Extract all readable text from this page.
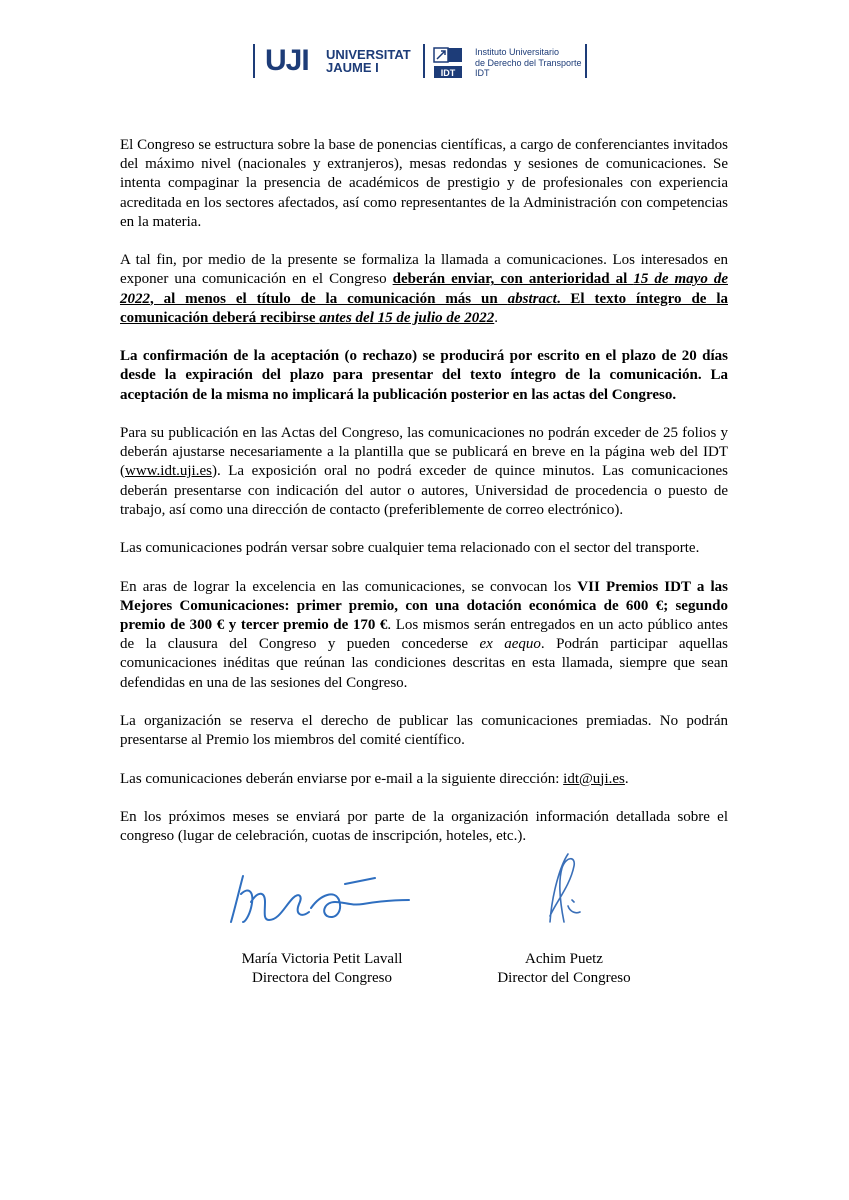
UJI UNIVERSITAT
JAUME I	IDT
Instituto Universitario
de Derecho del Transporte
IDT

El Congreso se estructura sobre la base de ponencias científicas, a cargo de conferenciantes invitados del máximo nivel (nacionales y extranjeros), mesas redondas y sesiones de comunicaciones. Se intenta compaginar la presencia de académicos de prestigio y de profesionales con experiencia acreditada en los sectores afectados, así como representantes de la Administración con competencias en la materia.

A tal fin, por medio de la presente se formaliza la llamada a comunicaciones. Los interesados en exponer una comunicación en el Congreso deberán enviar, con anterioridad al 15 de mayo de 2022, al menos el título de la comunicación más un abstract. El texto íntegro de la comunicación deberá recibirse antes del 15 de julio de 2022.

La confirmación de la aceptación (o rechazo) se producirá por escrito en el plazo de 20 días desde la expiración del plazo para presentar del texto íntegro de la comunicación. La aceptación de la misma no implicará la publicación posterior en las actas del Congreso.

Para su publicación en las Actas del Congreso, las comunicaciones no podrán exceder de 25 folios y deberán ajustarse necesariamente a la plantilla que se publicará en breve en la página web del IDT (www.idt.uji.es). La exposición oral no podrá exceder de quince minutos. Las comunicaciones deberán presentarse con indicación del autor o autores, Universidad de procedencia o puesto de trabajo, así como una dirección de contacto (preferiblemente de correo electrónico).

Las comunicaciones podrán versar sobre cualquier tema relacionado con el sector del transporte.

En aras de lograr la excelencia en las comunicaciones, se convocan los VII Premios IDT a las Mejores Comunicaciones: primer premio, con una dotación económica de 600 €; segundo premio de 300 € y tercer premio de 170 €. Los mismos serán entregados en un acto público antes de la clausura del Congreso y pueden concederse ex aequo. Podrán participar aquellas comunicaciones inéditas que reúnan las condiciones descritas en esta llamada, siempre que sean defendidas en una de las sesiones del Congreso.

La organización se reserva el derecho de publicar las comunicaciones premiadas. No podrán presentarse al Premio los miembros del comité científico.

Las comunicaciones deberán enviarse por e-mail a la siguiente dirección: idt@uji.es.

En los próximos meses se enviará por parte de la organización información detallada sobre el congreso (lugar de celebración, cuotas de inscripción, hoteles, etc.).

María Victoria Petit Lavall
Directora del Congreso
Achim Puetz
Director del Congreso
